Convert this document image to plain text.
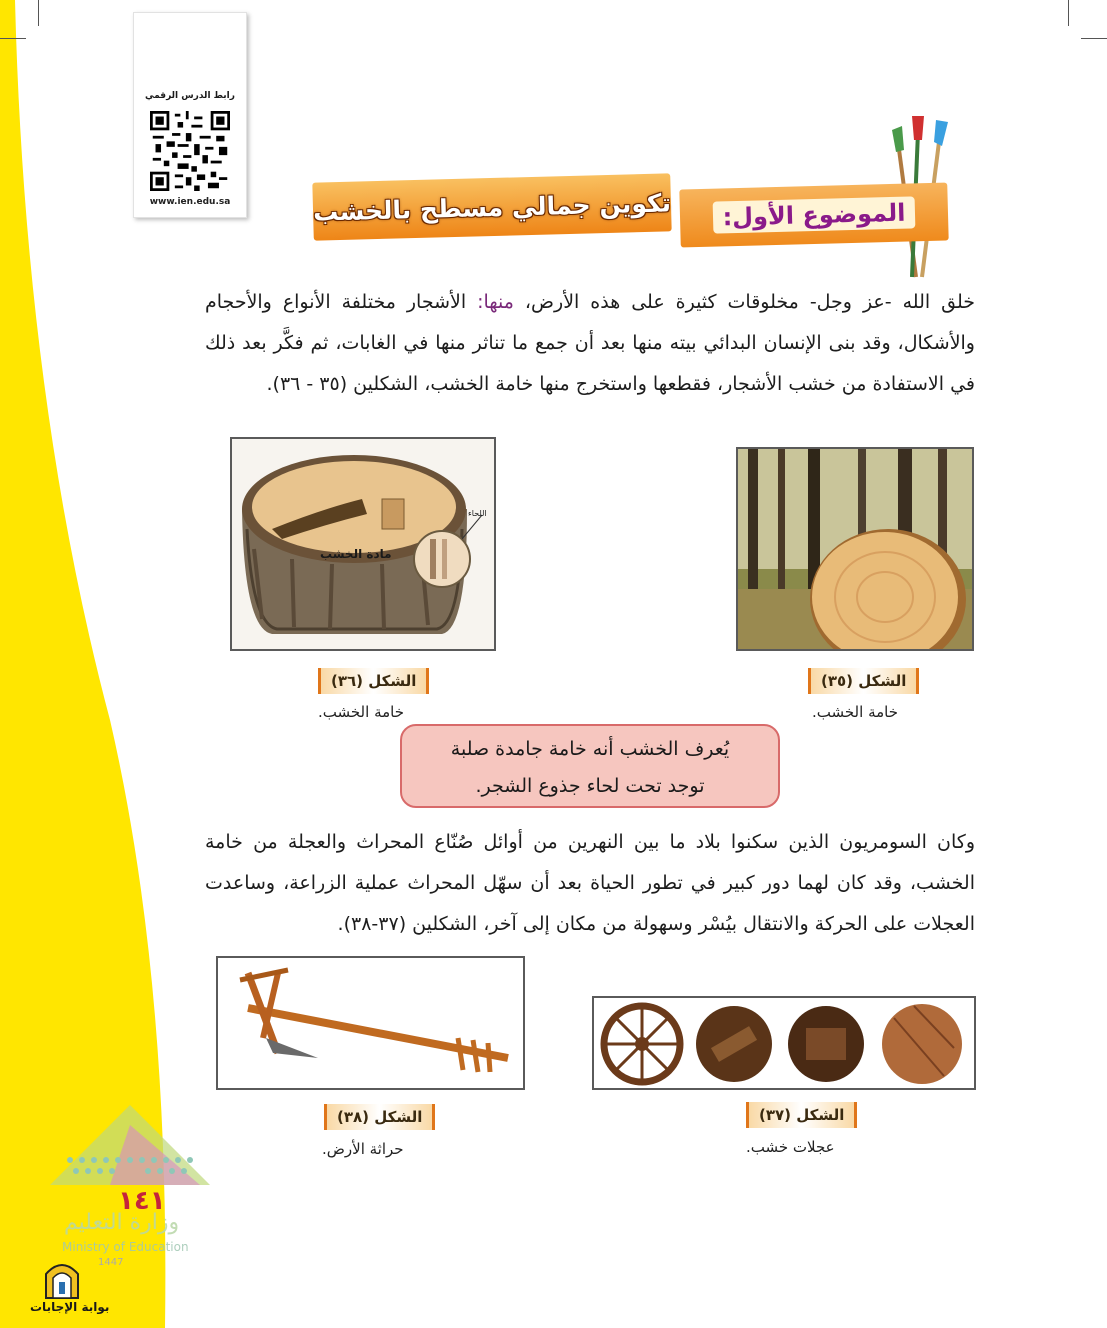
رابط الدرس الرقمي
www.ien.edu.sa	الموضوع الأول:
تكوين جمالي مسطح بالخشب
خلق الله -عز وجل- مخلوقات كثيرة على هذه الأرض، منها: الأشجار مختلفة الأنواع والأحجام والأشكال، وقد بنى الإنسان البدائي بيته منها بعد أن جمع ما تناثر منها في الغابات، ثم فكَّر بعد ذلك في الاستفادة من خشب الأشجار، فقطعها واستخرج منها خامة الخشب، الشكلين (٣٥ - ٣٦).
مادة الخشب
اللحاء
الشكل (٣٦)
خامة الخشب.
الشكل (٣٥)
خامة الخشب.
يُعرف الخشب أنه خامة جامدة صلبة
توجد تحت لحاء جذوع الشجر.
وكان السومريون الذين سكنوا بلاد ما بين النهرين من أوائل صُنّاع المحراث والعجلة من خامة الخشب، وقد كان لهما دور كبير في تطور الحياة بعد أن سهّل المحراث عملية الزراعة، وساعدت العجلات على الحركة والانتقال بيُسْر وسهولة من مكان إلى آخر، الشكلين (٣٧-٣٨).
الشكل (٣٨)
حراثة الأرض.
الشكل (٣٧)
عجلات خشب.
١٤١
وزارة التعليم
Ministry of Education
1447
بوابة الإجابات
